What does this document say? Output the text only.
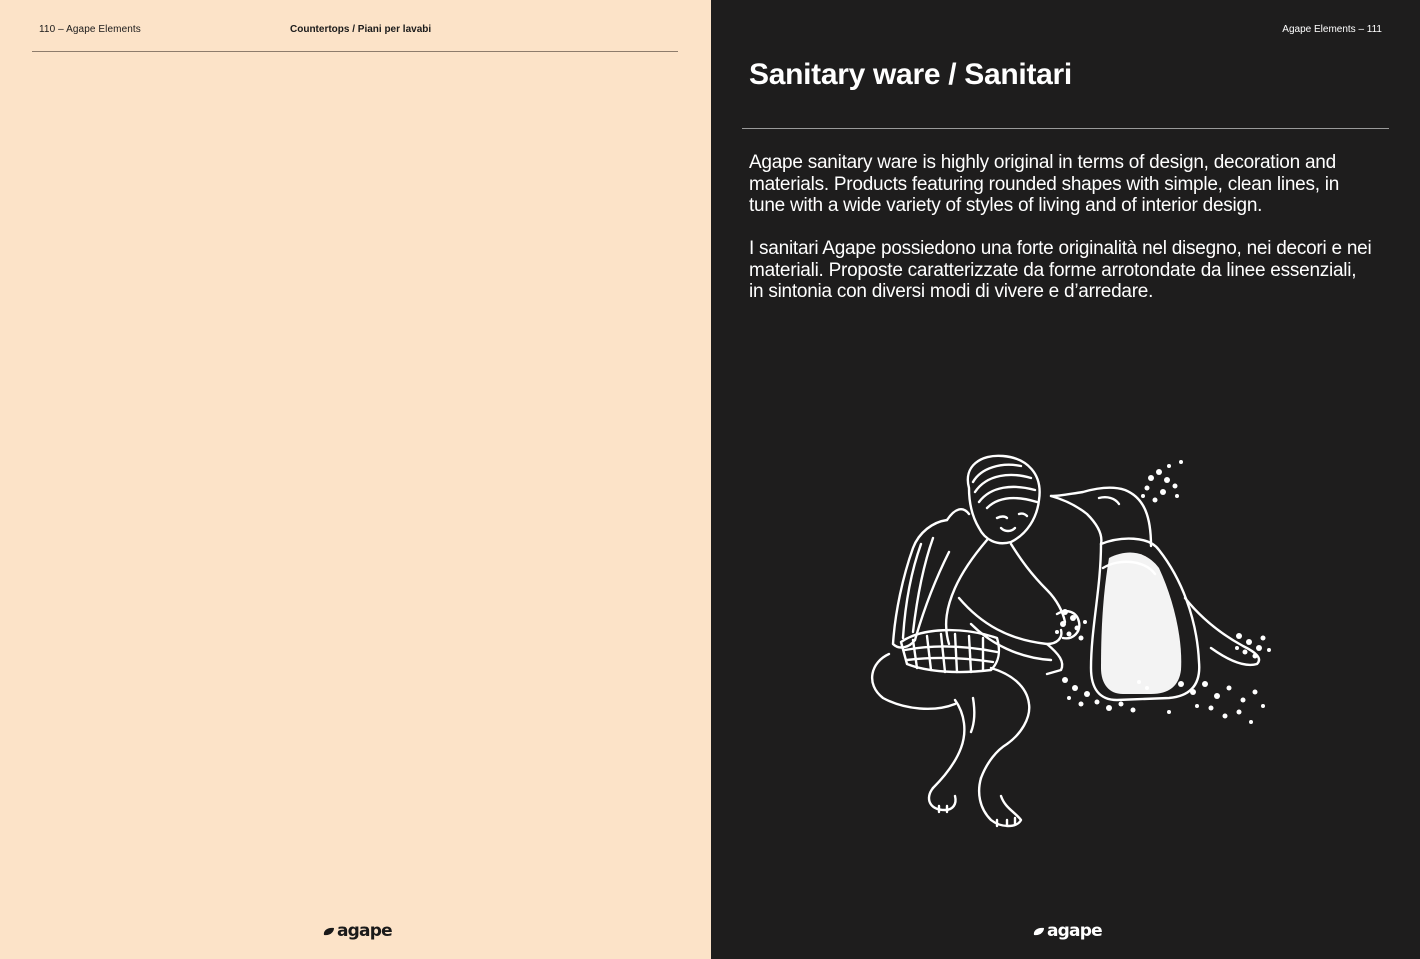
110 – Agape Elements	Countertops / Piani per lavabi
agape
Agape Elements – 111
Sanitary ware / Sanitari

Agape sanitary ware is highly original in terms of design, decoration and materials. Products featuring rounded shapes with simple, clean lines, in tune with a wide variety of styles of living and of interior design.

I sanitari Agape possiedono una forte originalità nel disegno, nei decori e nei materiali. Proposte caratterizzate da forme arrotondate da linee essenziali, in sintonia con diversi modi di vivere e d’arredare.

agape
